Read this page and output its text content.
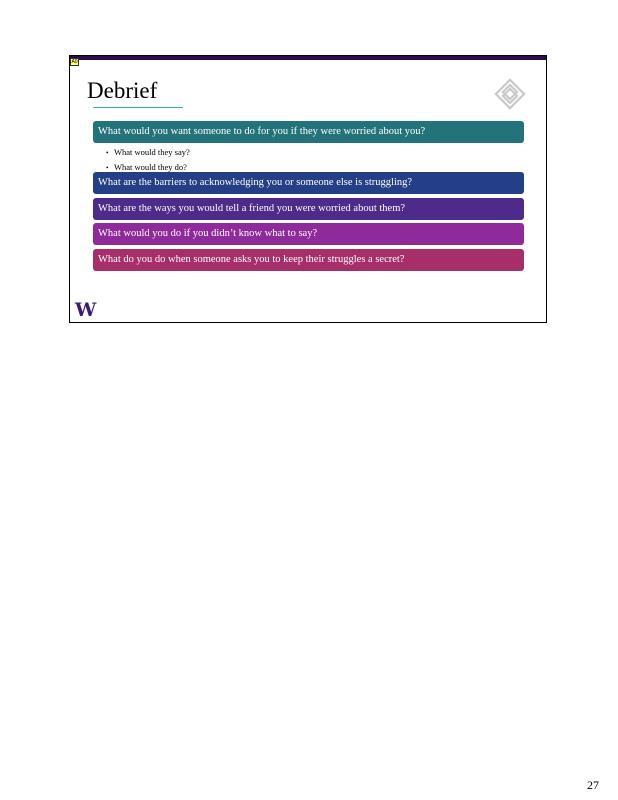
A0
Debrief
What would you want someone to do for you if they were worried about you?
• What would they say?
• What would they do?
What are the barriers to acknowledging you or someone else is struggling?
What are the ways you would tell a friend you were worried about them?
What would you do if you didn’t know what to say?
What do you do when someone asks you to keep their struggles a secret?
W
27
